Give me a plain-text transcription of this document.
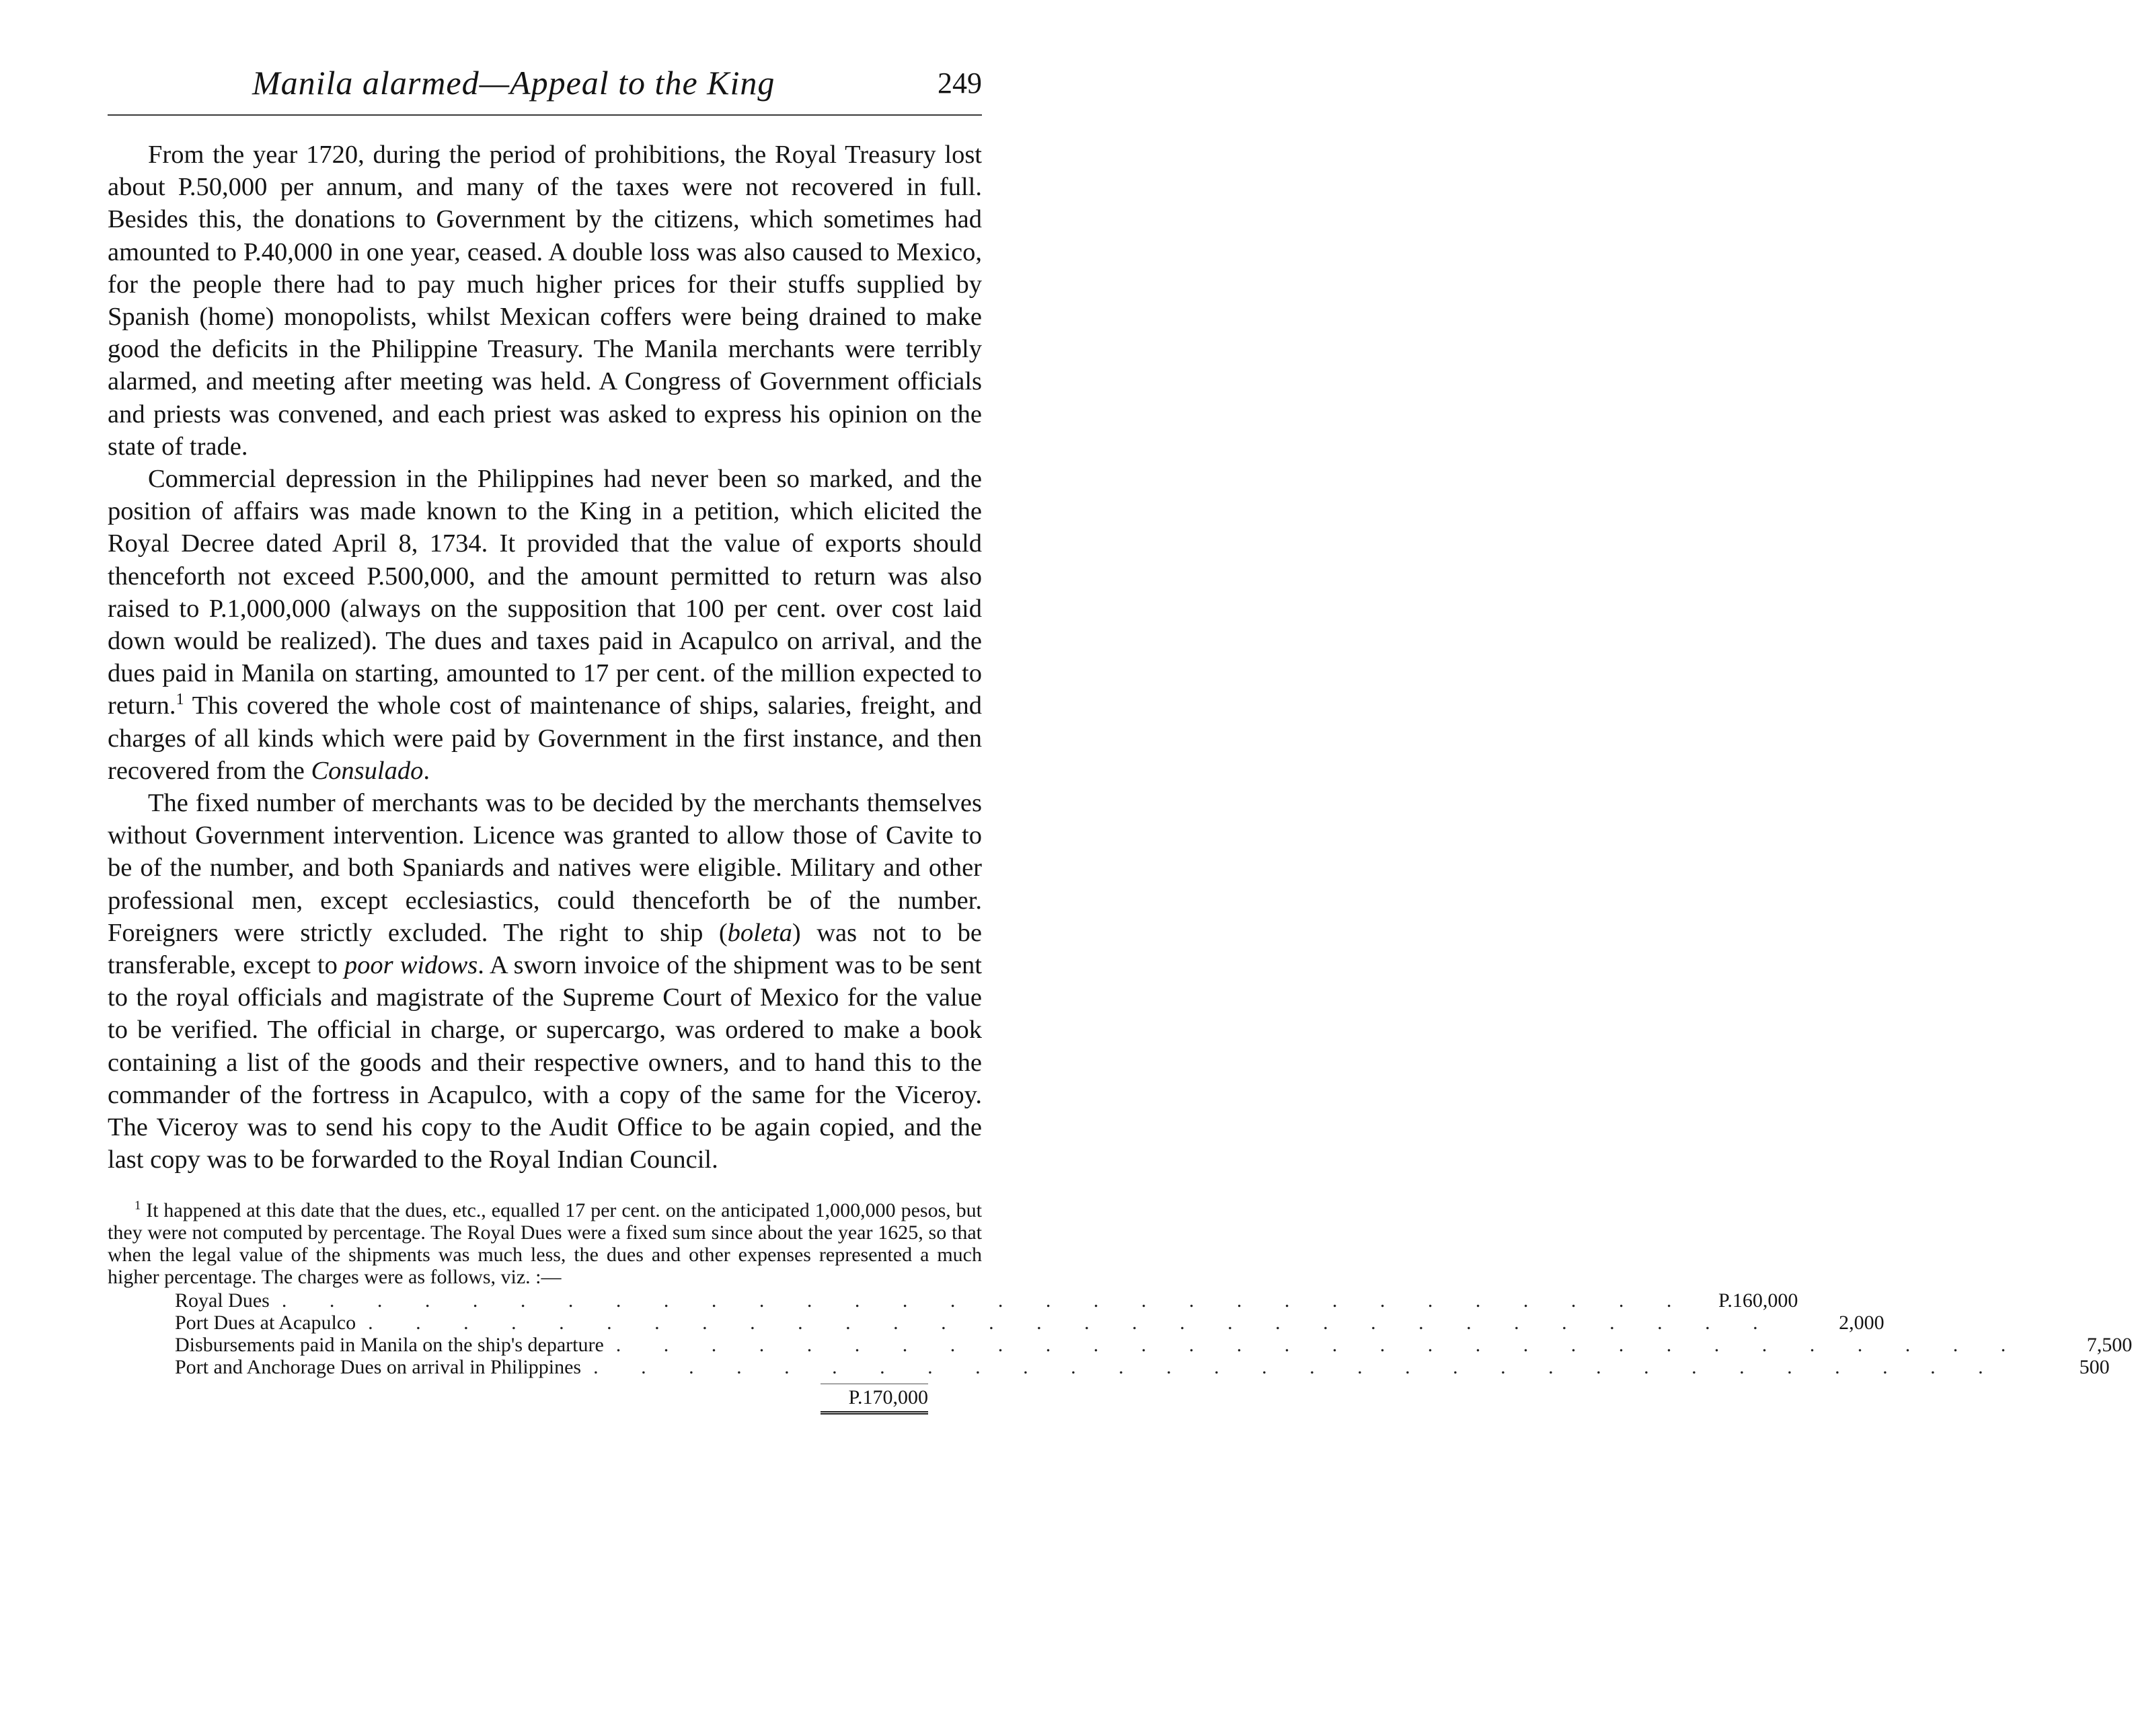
Manila alarmed—Appeal to the King	249

From the year 1720, during the period of prohibitions, the Royal Treasury lost about P.50,000 per annum, and many of the taxes were not recovered in full. Besides this, the donations to Government by the citizens, which sometimes had amounted to P.40,000 in one year, ceased. A double loss was also caused to Mexico, for the people there had to pay much higher prices for their stuffs supplied by Spanish (home) monopolists, whilst Mexican coffers were being drained to make good the deficits in the Philippine Treasury. The Manila merchants were terribly alarmed, and meeting after meeting was held. A Congress of Government officials and priests was convened, and each priest was asked to express his opinion on the state of trade.

Commercial depression in the Philippines had never been so marked, and the position of affairs was made known to the King in a petition, which elicited the Royal Decree dated April 8, 1734. It provided that the value of exports should thenceforth not exceed P.500,000, and the amount permitted to return was also raised to P.1,000,000 (always on the supposition that 100 per cent. over cost laid down would be realized). The dues and taxes paid in Acapulco on arrival, and the dues paid in Manila on starting, amounted to 17 per cent. of the million expected to return.$^1$ This covered the whole cost of maintenance of ships, salaries, freight, and charges of all kinds which were paid by Government in the first instance, and then recovered from the Consulado.

The fixed number of merchants was to be decided by the merchants themselves without Government intervention. Licence was granted to allow those of Cavite to be of the number, and both Spaniards and natives were eligible. Military and other professional men, except ecclesiastics, could thenceforth be of the number. Foreigners were strictly excluded. The right to ship (boleta) was not to be transferable, except to poor widows. A sworn invoice of the shipment was to be sent to the royal officials and magistrate of the Supreme Court of Mexico for the value to be verified. The official in charge, or supercargo, was ordered to make a book containing a list of the goods and their respective owners, and to hand this to the commander of the fortress in Acapulco, with a copy of the same for the Viceroy. The Viceroy was to send his copy to the Audit Office to be again copied, and the last copy was to be forwarded to the Royal Indian Council.

$^1$ It happened at this date that the dues, etc., equalled 17 per cent. on the anticipated 1,000,000 pesos, but they were not computed by percentage. The Royal Dues were a fixed sum since about the year 1625, so that when the legal value of the shipments was much less, the dues and other expenses represented a much higher percentage. The charges were as follows, viz. :—

Royal Dues . . . . . . . . . . . . . . . . . . . . . . . . . . . . . .	P.160,000
Port Dues at Acapulco . . . . . . . . . . . . . . . . . . . . . . . . . . . . . .	2,000
Disbursements paid in Manila on the ship's departure . . . . . . . . . . . . . . . . . . . . . . . . . . . . . .	7,500
Port and Anchorage Dues on arrival in Philippines . . . . . . . . . . . . . . . . . . . . . . . . . . . . . .	500
P.170,000
